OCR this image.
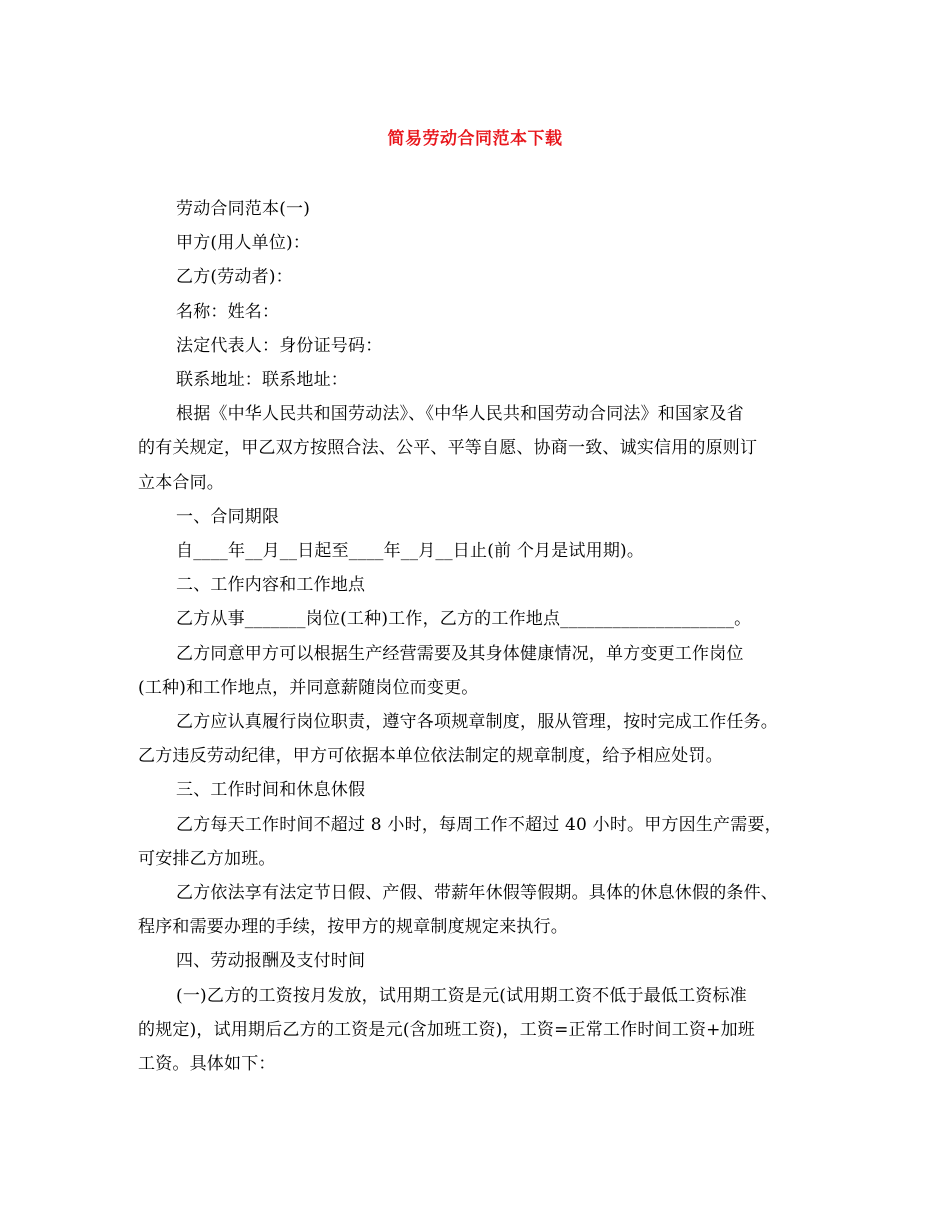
简易劳动合同范本下载
劳动合同范本(一)
甲方(用人单位)：
乙方(劳动者)：
名称：姓名：
法定代表人：身份证号码：
联系地址：联系地址：
根据《中华人民共和国劳动法》、《中华人民共和国劳动合同法》和国家及省
的有关规定，甲乙双方按照合法、公平、平等自愿、协商一致、诚实信用的原则订
立本合同。
一、合同期限
自____年__月__日起至____年__月__日止(前 个月是试用期)。
二、工作内容和工作地点
乙方从事_______岗位(工种)工作，乙方的工作地点____________________。
乙方同意甲方可以根据生产经营需要及其身体健康情况，单方变更工作岗位
(工种)和工作地点，并同意薪随岗位而变更。
乙方应认真履行岗位职责，遵守各项规章制度，服从管理，按时完成工作任务。
乙方违反劳动纪律，甲方可依据本单位依法制定的规章制度，给予相应处罚。
三、工作时间和休息休假
乙方每天工作时间不超过 8 小时，每周工作不超过 40 小时。甲方因生产需要，
可安排乙方加班。
乙方依法享有法定节日假、产假、带薪年休假等假期。具体的休息休假的条件、
程序和需要办理的手续，按甲方的规章制度规定来执行。
四、劳动报酬及支付时间
(一)乙方的工资按月发放，试用期工资是元(试用期工资不低于最低工资标准
的规定)，试用期后乙方的工资是元(含加班工资)，工资=正常工作时间工资+加班
工资。具体如下：
